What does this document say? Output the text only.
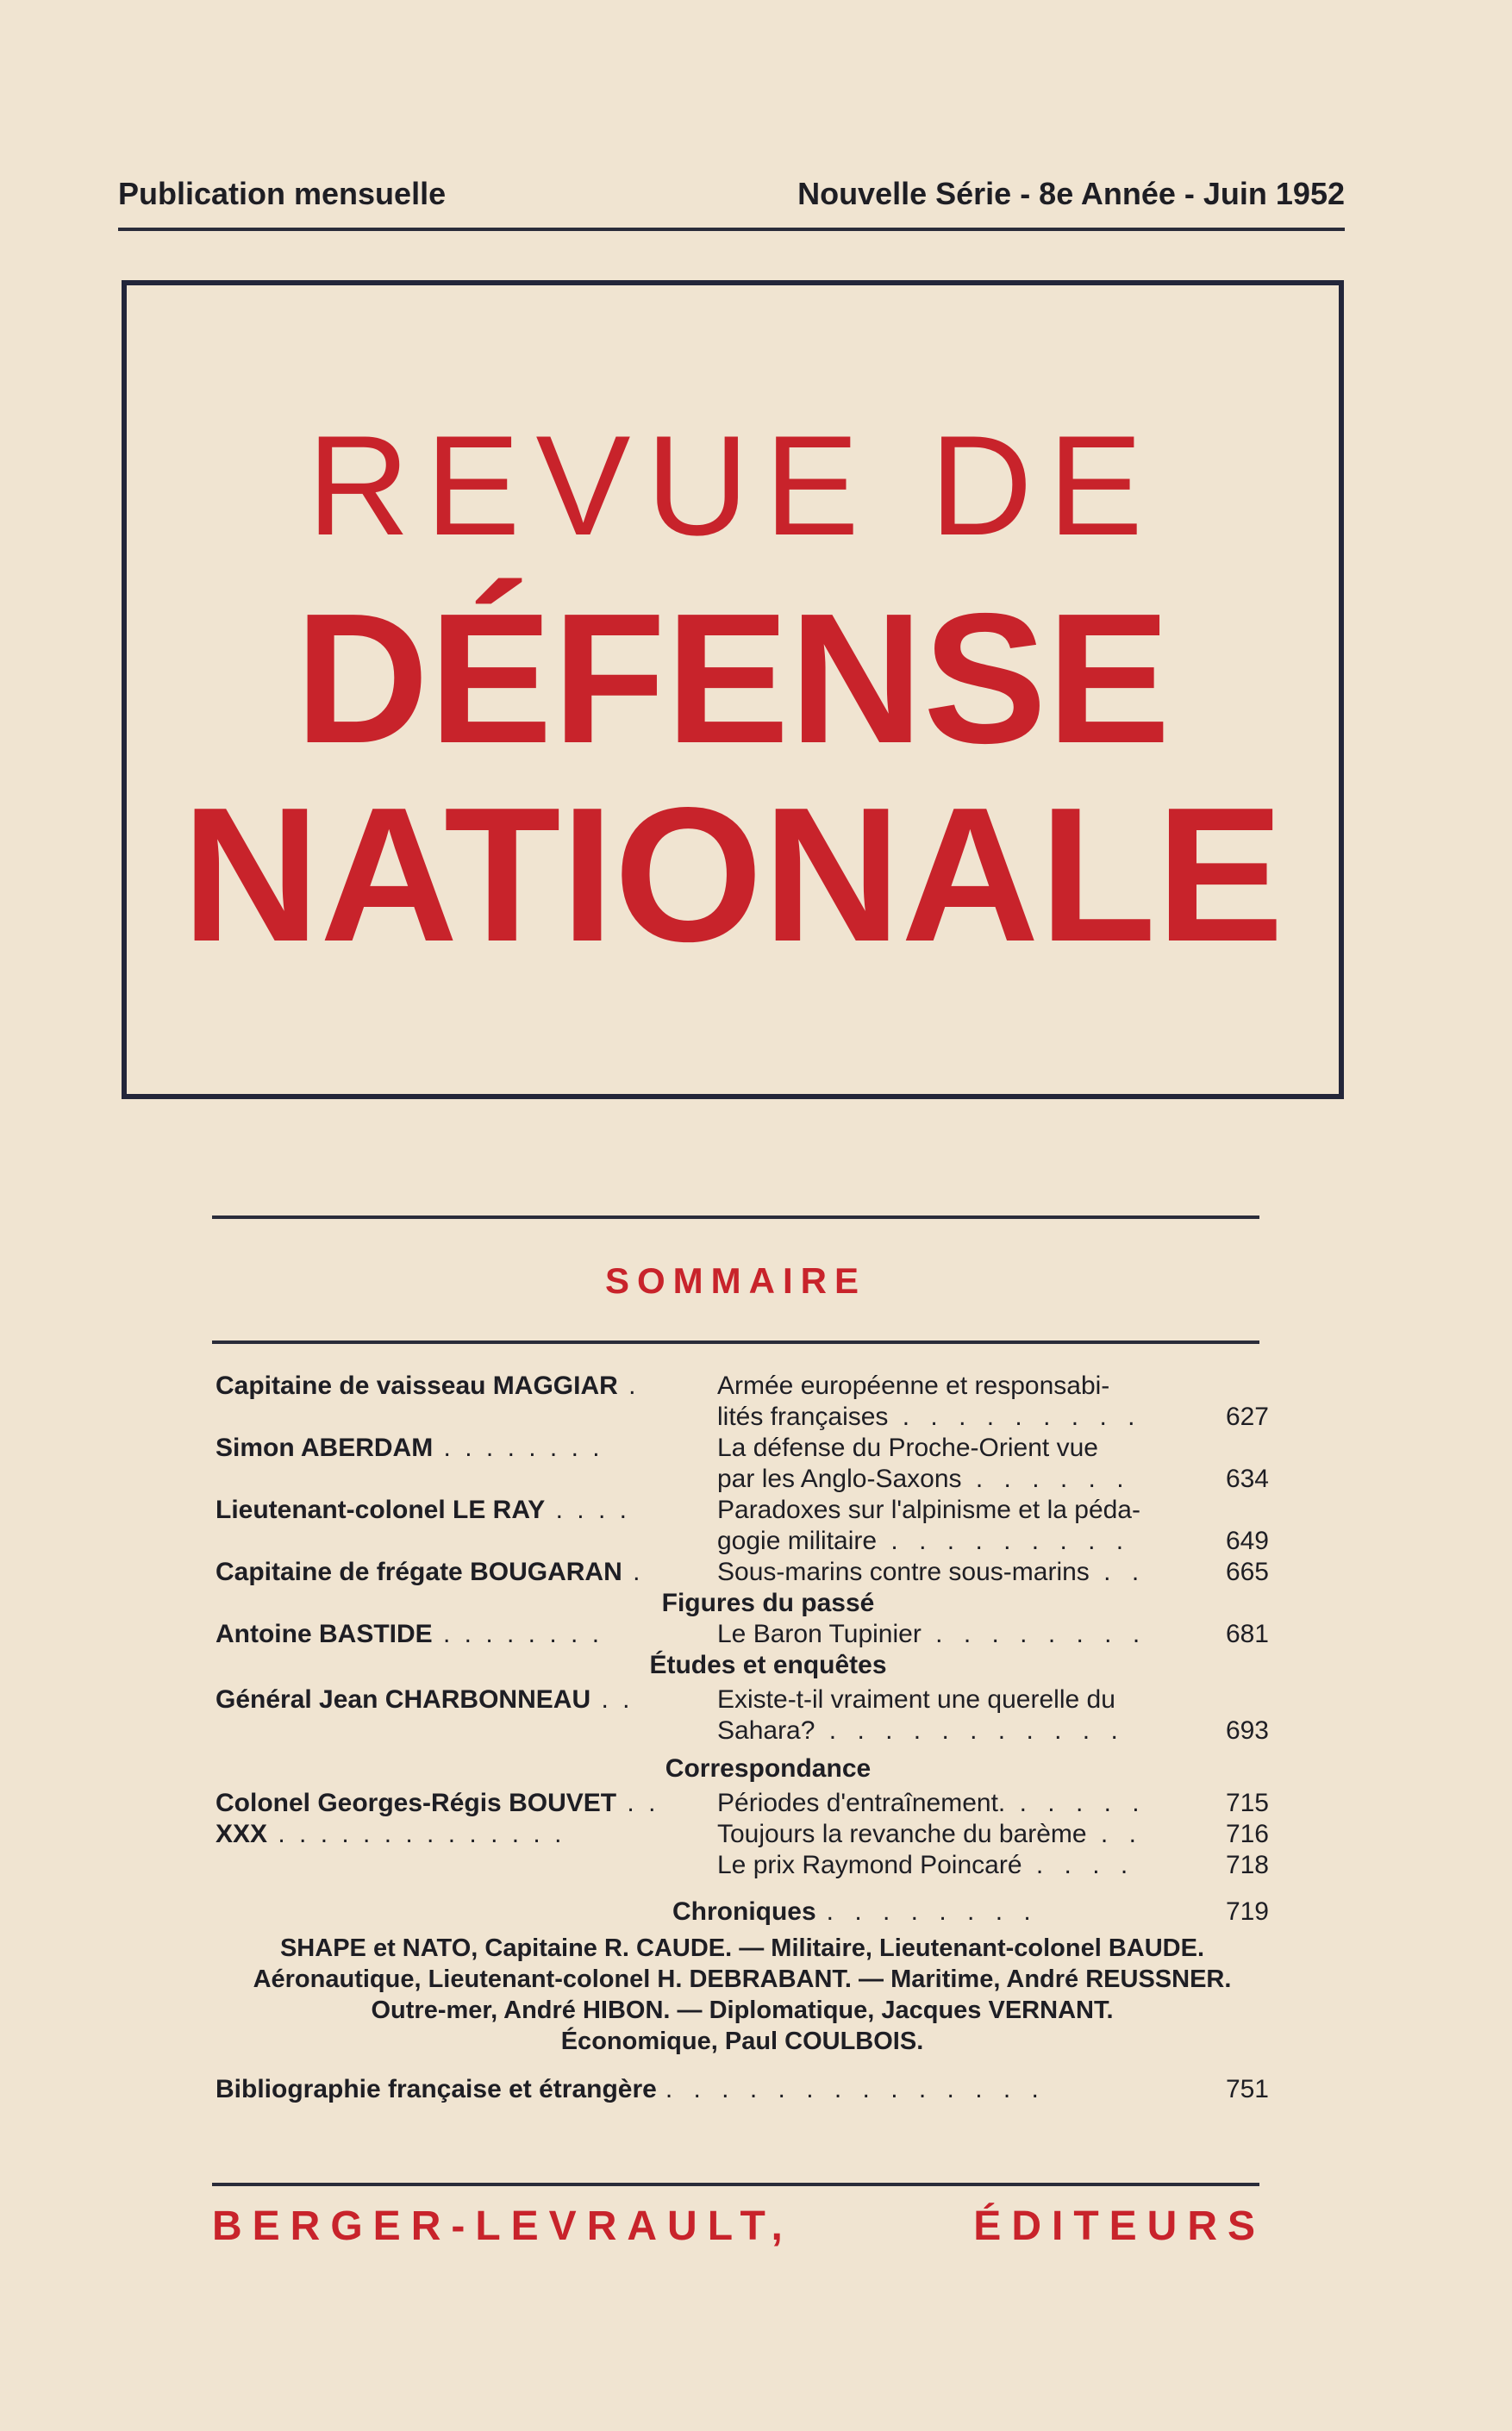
Publication mensuelle	Nouvelle Série - 8e Année - Juin 1952
REVUE DE
DÉFENSE
NATIONALE
SOMMAIRE
Capitaine de vaisseau MAGGIAR .	Armée européenne et responsabi-
lités françaises . . . . . . . . .	627
Simon ABERDAM . . . . . . . .	La défense du Proche-Orient vue
par les Anglo-Saxons . . . . . .	634
Lieutenant-colonel LE RAY . . . .	Paradoxes sur l'alpinisme et la péda-
gogie militaire . . . . . . . . .	649
Capitaine de frégate BOUGARAN .	Sous-marins contre sous-marins . .	665
Figures du passé
Antoine BASTIDE . . . . . . . .	Le Baron Tupinier . . . . . . . .	681
Études et enquêtes
Général Jean CHARBONNEAU . .	Existe-t-il vraiment une querelle du
Sahara? . . . . . . . . . . .	693
Correspondance
Colonel Georges-Régis BOUVET . .	Périodes d'entraînement. . . . . .	715
XXX . . . . . . . . . . . . . .	Toujours la revanche du barème . .	716
Le prix Raymond Poincaré . . . .	718
Chroniques . . . . . . . .	719
SHAPE et NATO, Capitaine R. CAUDE. — Militaire, Lieutenant-colonel BAUDE.
Aéronautique, Lieutenant-colonel H. DEBRABANT. — Maritime, André REUSSNER.
Outre-mer, André HIBON. — Diplomatique, Jacques VERNANT.
Économique, Paul COULBOIS.
Bibliographie française et étrangère . . . . . . . . . . . . . .	751
BERGER-LEVRAULT,	ÉDITEURS
